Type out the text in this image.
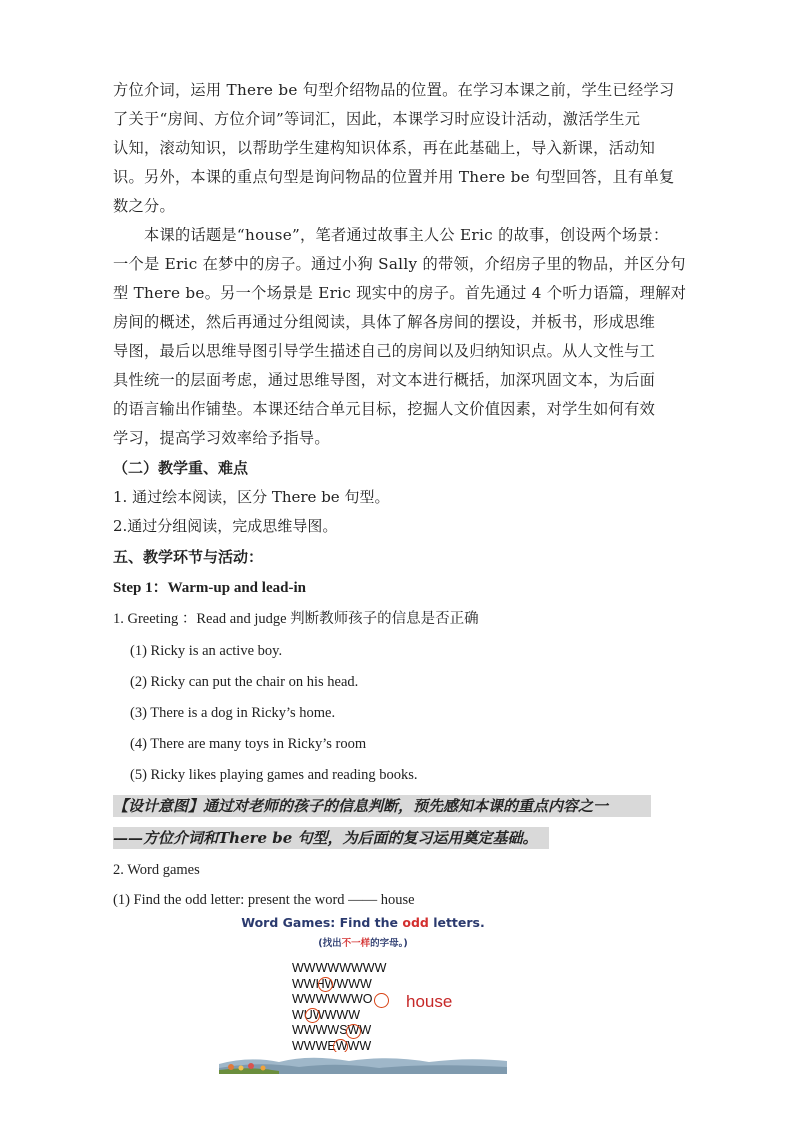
方位介词，运用 There be 句型介绍物品的位置。在学习本课之前，学生已经学习
了关于“房间、方位介词”等词汇，因此，本课学习时应设计活动，激活学生元
认知，滚动知识，以帮助学生建构知识体系，再在此基础上，导入新课，活动知
识。另外，本课的重点句型是询问物品的位置并用 There be 句型回答，且有单复
数之分。
本课的话题是“house”，笔者通过故事主人公 Eric 的故事，创设两个场景：
一个是 Eric 在梦中的房子。通过小狗 Sally 的带领，介绍房子里的物品，并区分句
型 There be。另一个场景是 Eric 现实中的房子。首先通过 4 个听力语篇，理解对
房间的概述，然后再通过分组阅读，具体了解各房间的摆设，并板书，形成思维
导图，最后以思维导图引导学生描述自己的房间以及归纳知识点。从人文性与工
具性统一的层面考虑，通过思维导图，对文本进行概括，加深巩固文本，为后面
的语言输出作铺垫。本课还结合单元目标，挖掘人文价值因素，对学生如何有效
学习，提高学习效率给予指导。
（二）教学重、难点
1. 通过绘本阅读，区分 There be 句型。
2.通过分组阅读，完成思维导图。
五、教学环节与活动：
Step 1：Warm-up and lead-in
1. Greeting ：Read and judge 判断教师孩子的信息是否正确
(1) Ricky is an active boy.
(2) Ricky can put the chair on his head.
(3) There is a dog in Ricky’s home.
(4) There are many toys in Ricky’s room
(5) Ricky likes playing games and reading books.
【设计意图】通过对老师的孩子的信息判断，预先感知本课的重点内容之一
——方位介词和There be 句型，为后面的复习运用奠定基础。
2. Word games
(1) Find the odd letter: present the word —— house
Word Games: Find the odd letters.
(找出不一样的字母。)
WWWWWWWW
WWHWWWW
WWWWWWO
WUWWWW
WWWWSWW
WWWEWWW
house
